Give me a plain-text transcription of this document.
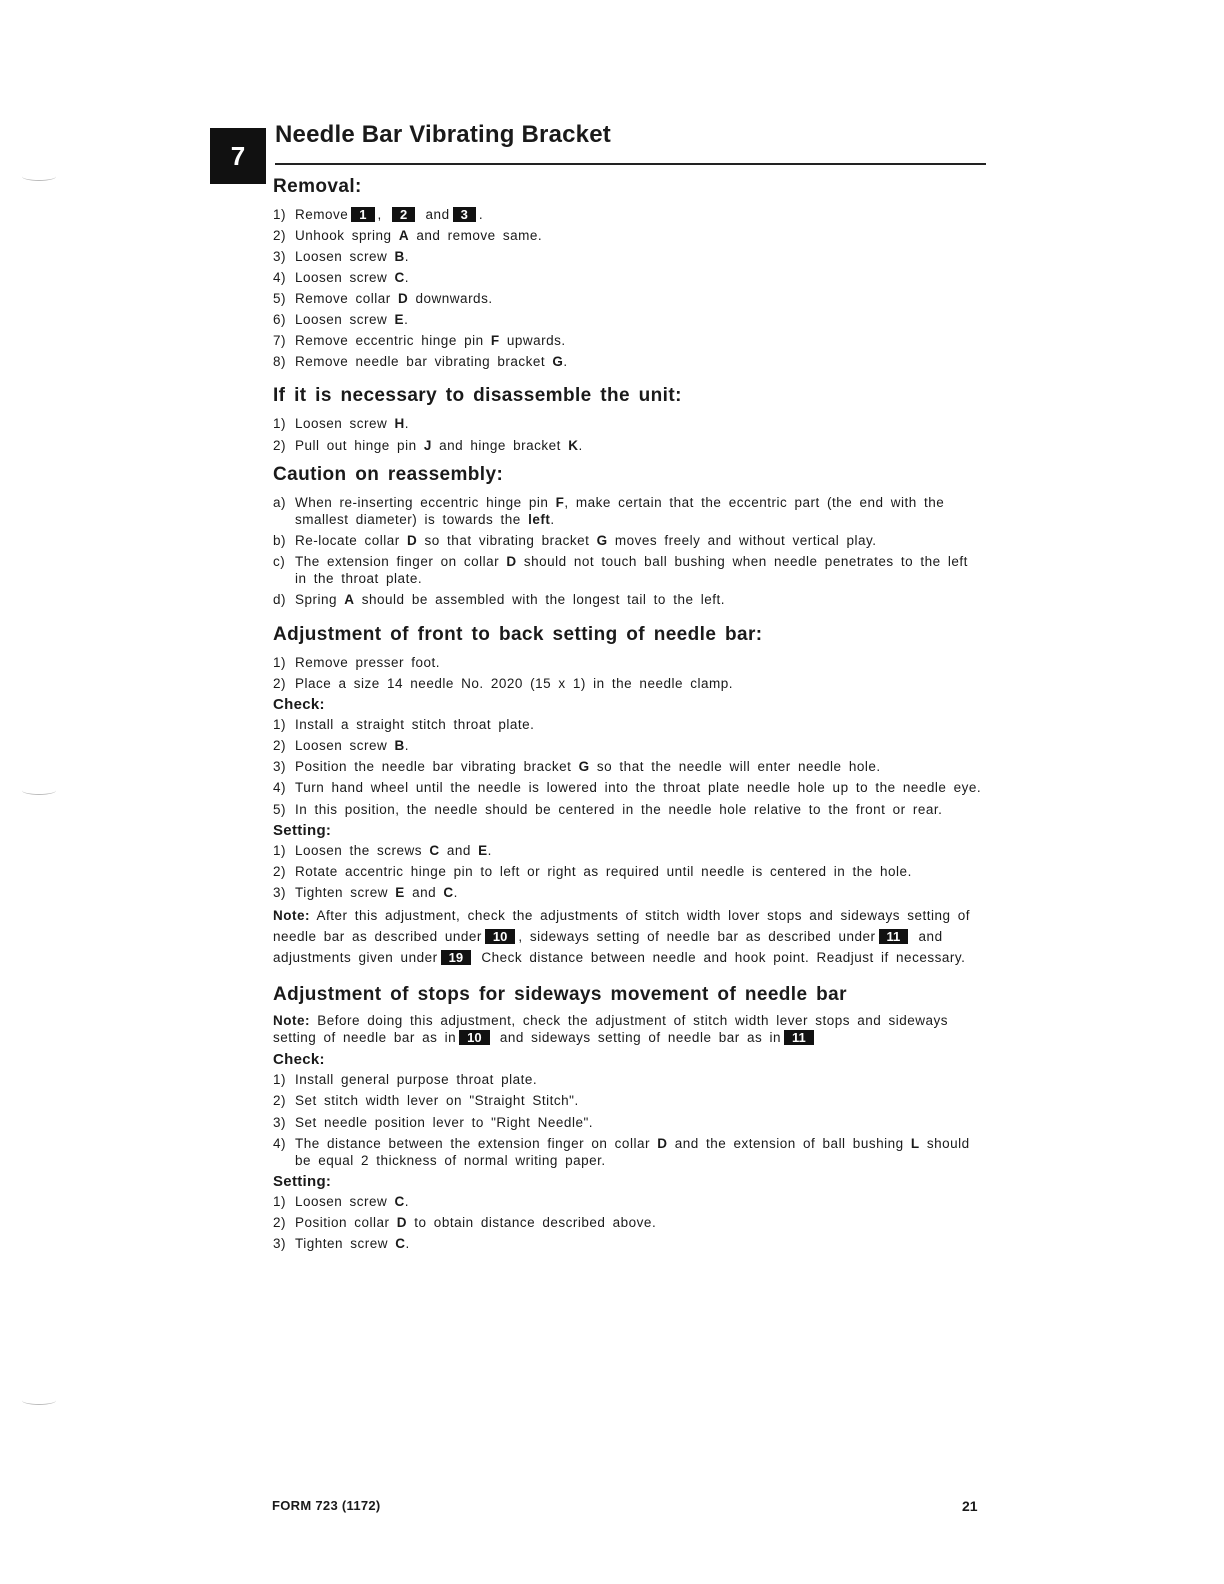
7
Needle Bar Vibrating Bracket
Removal:
1) Remove 1 , 2 and 3 .
2) Unhook spring A and remove same.
3) Loosen screw B.
4) Loosen screw C.
5) Remove collar D downwards.
6) Loosen screw E.
7) Remove eccentric hinge pin F upwards.
8) Remove needle bar vibrating bracket G.
If it is necessary to disassemble the unit:
1) Loosen screw H.
2) Pull out hinge pin J and hinge bracket K.
Caution on reassembly:
a) When re-inserting eccentric hinge pin F, make certain that the eccentric part (the end with the smallest diameter) is towards the left.
b) Re-locate collar D so that vibrating bracket G moves freely and without vertical play.
c) The extension finger on collar D should not touch ball bushing when needle penetrates to the left in the throat plate.
d) Spring A should be assembled with the longest tail to the left.
Adjustment of front to back setting of needle bar:
1) Remove presser foot.
2) Place a size 14 needle No. 2020 (15 x 1) in the needle clamp.
Check:
1) Install a straight stitch throat plate.
2) Loosen screw B.
3) Position the needle bar vibrating bracket G so that the needle will enter needle hole.
4) Turn hand wheel until the needle is lowered into the throat plate needle hole up to the needle eye.
5) In this position, the needle should be centered in the needle hole relative to the front or rear.
Setting:
1) Loosen the screws C and E.
2) Rotate accentric hinge pin to left or right as required until needle is centered in the hole.
3) Tighten screw E and C.

Note: After this adjustment, check the adjustments of stitch width lover stops and sideways setting of needle bar as described under 10 , sideways setting of needle bar as described under 11 and adjustments given under 19 Check distance between needle and hook point. Readjust if necessary.

Adjustment of stops for sideways movement of needle bar

Note: Before doing this adjustment, check the adjustment of stitch width lever stops and sideways setting of needle bar as in 10 and sideways setting of needle bar as in 11

Check:
1) Install general purpose throat plate.
2) Set stitch width lever on "Straight Stitch".
3) Set needle position lever to "Right Needle".
4) The distance between the extension finger on collar D and the extension of ball bushing L should be equal 2 thickness of normal writing paper.
Setting:
1) Loosen screw C.
2) Position collar D to obtain distance described above.
3) Tighten screw C.
FORM 723 (1172)	21
